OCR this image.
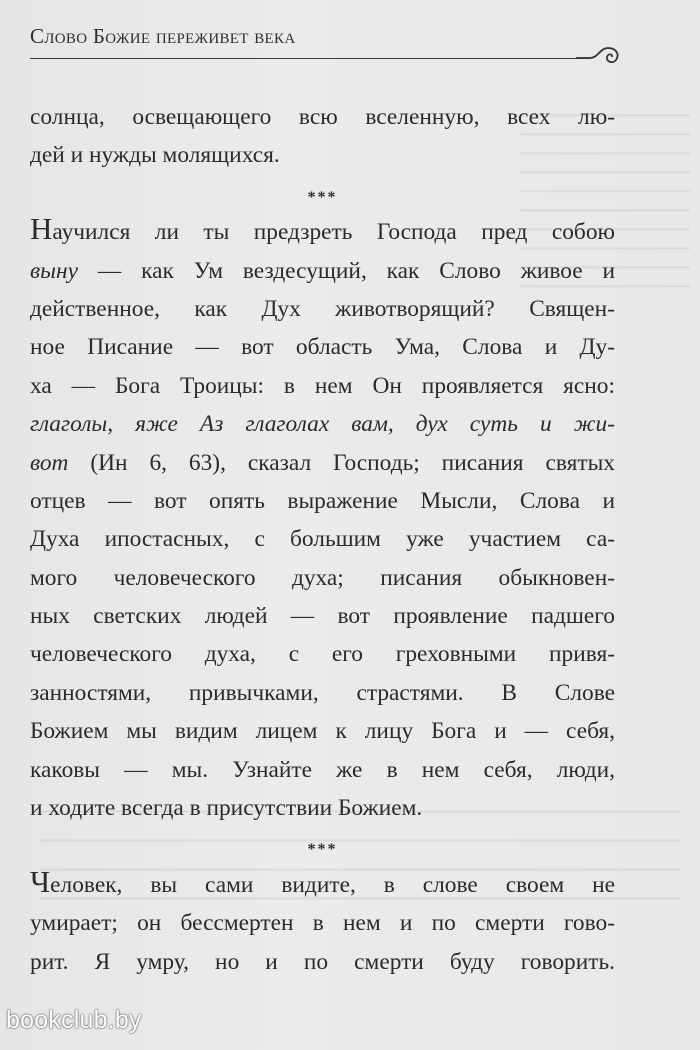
Слово Божие переживет века
солнца, освещающего всю вселенную, всех лю-
дей и нужды молящихся.
***
Научился ли ты предзреть Господа пред собою
выну — как Ум вездесущий, как Слово живое и
действенное, как Дух животворящий? Священ-
ное Писание — вот область Ума, Слова и Ду-
ха — Бога Троицы: в нем Он проявляется ясно:
глаголы, яже Аз глаголах вам, дух суть и жи-
вот (Ин 6, 63), сказал Господь; писания святых
отцев — вот опять выражение Мысли, Слова и
Духа ипостасных, с большим уже участием са-
мого человеческого духа; писания обыкновен-
ных светских людей — вот проявление падшего
человеческого духа, с его греховными привя-
занностями, привычками, страстями. В Слове
Божием мы видим лицем к лицу Бога и — себя,
каковы — мы. Узнайте же в нем себя, люди,
и ходите всегда в присутствии Божием.
***
Человек, вы сами видите, в слове своем не
умирает; он бессмертен в нем и по смерти гово-
рит. Я умру, но и по смерти буду говорить.
bookclub.by
